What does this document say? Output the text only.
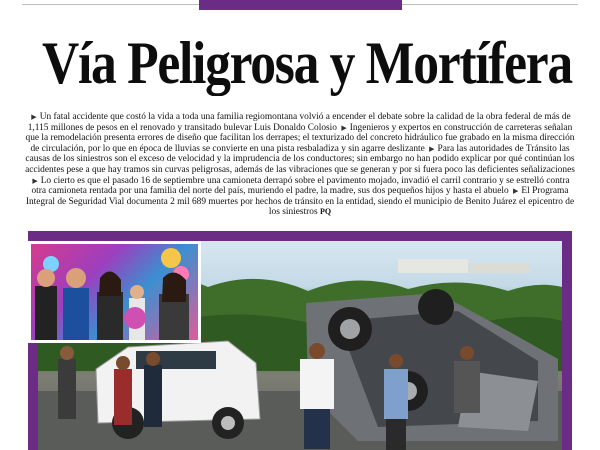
Vía Peligrosa y Mortífera
▶ Un fatal accidente que costó la vida a toda una familia regiomontana volvió a encender el debate sobre la calidad de la obra federal de más de 1,115 millones de pesos en el renovado y transitado bulevar Luis Donaldo Colosio ▶ Ingenieros y expertos en construcción de carreteras señalan que la remodelación presenta errores de diseño que facilitan los derrapes; el texturizado del concreto hidráulico fue grabado en la misma dirección de circulación, por lo que en época de lluvias se convierte en una pista resbaladiza y sin agarre deslizante ▶ Para las autoridades de Tránsito las causas de los siniestros son el exceso de velocidad y la imprudencia de los conductores; sin embargo no han podido explicar por qué continúan los accidentes pese a que hay tramos sin curvas peligrosas, además de las vibraciones que se generan y por si fuera poco las deficientes señalizaciones ▶ Lo cierto es que el pasado 16 de septiembre una camioneta derrapó sobre el pavimento mojado, invadió el carril contrario y se estrelló contra otra camioneta rentada por una familia del norte del país, muriendo el padre, la madre, sus dos pequeños hijos y hasta el abuelo ▶ El Programa Integral de Seguridad Vial documenta 2 mil 689 muertes por hechos de tránsito en la entidad, siendo el municipio de Benito Juárez el epicentro de los siniestros PQ
